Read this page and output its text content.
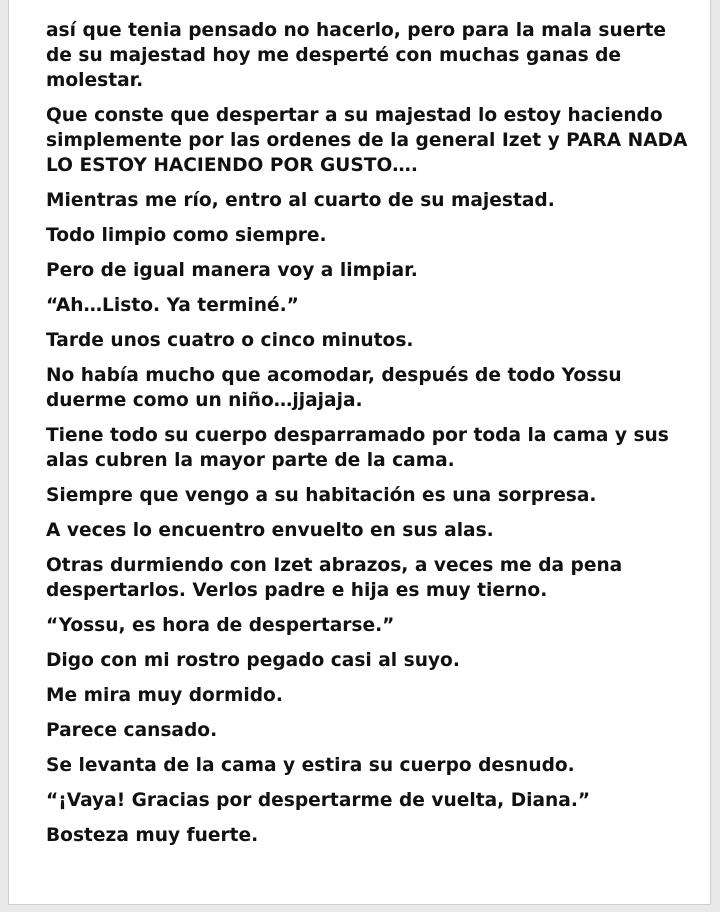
así que tenia pensado no hacerlo, pero para la mala suerte de su majestad hoy me desperté con muchas ganas de molestar.

Que conste que despertar a su majestad lo estoy haciendo simplemente por las ordenes de la general Izet y PARA NADA LO ESTOY HACIENDO POR GUSTO….

Mientras me río, entro al cuarto de su majestad.

Todo limpio como siempre.

Pero de igual manera voy a limpiar.

“Ah…Listo. Ya terminé.”

Tarde unos cuatro o cinco minutos.

No había mucho que acomodar, después de todo Yossu duerme como un niño…jjajaja.

Tiene todo su cuerpo desparramado por toda la cama y sus alas cubren la mayor parte de la cama.

Siempre que vengo a su habitación es una sorpresa.

A veces lo encuentro envuelto en sus alas.

Otras durmiendo con Izet abrazos, a veces me da pena despertarlos. Verlos padre e hija es muy tierno.

“Yossu, es hora de despertarse.”

Digo con mi rostro pegado casi al suyo.

Me mira muy dormido.

Parece cansado.

Se levanta de la cama y estira su cuerpo desnudo.

“¡Vaya! Gracias por despertarme de vuelta, Diana.”

Bosteza muy fuerte.
